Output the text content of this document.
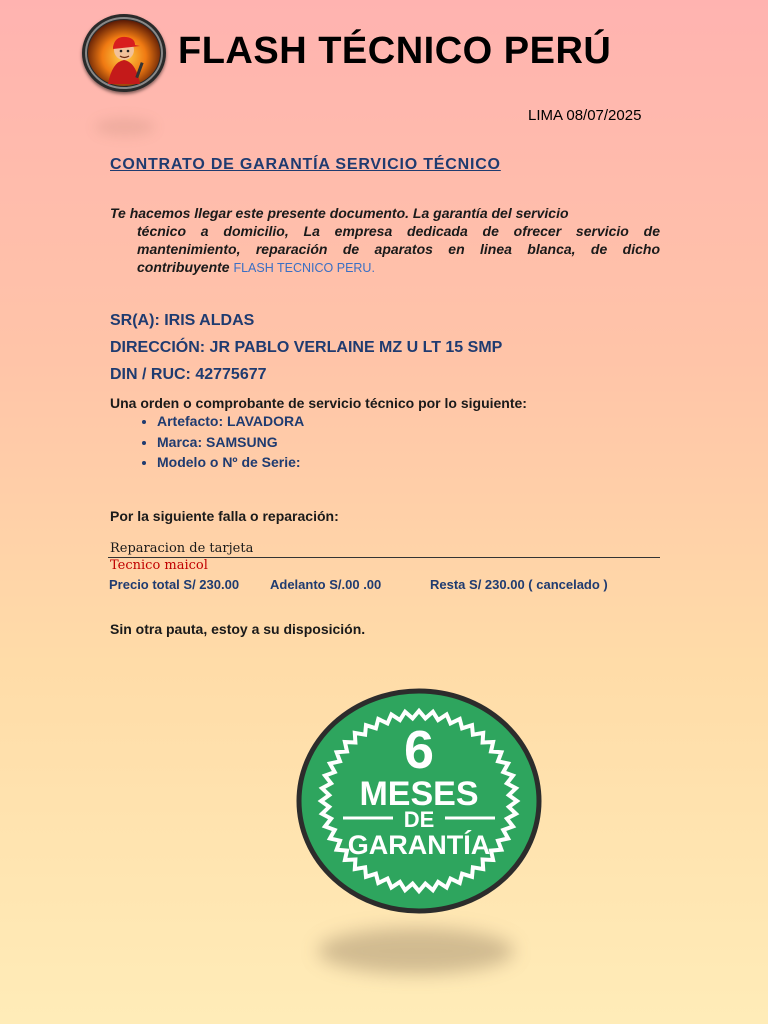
FLASH TÉCNICO PERÚ
LIMA 08/07/2025
CONTRATO DE GARANTÍA SERVICIO TÉCNICO
Te hacemos llegar este presente documento. La garantía del servicio
técnico a domicilio, La empresa dedicada de ofrecer servicio de mantenimiento, reparación de aparatos en linea blanca, de dicho contribuyente FLASH TECNICO PERU.
SR(A): IRIS ALDAS
DIRECCIÓN: JR PABLO VERLAINE MZ U LT 15 SMP
DIN / RUC: 42775677
Una orden o comprobante de servicio técnico por lo siguiente:
• Artefacto: LAVADORA
• Marca: SAMSUNG
• Modelo o Nº de Serie:
Por la siguiente falla o reparación:
Reparacion de tarjeta
Tecnico maicol
Precio total S/ 230.00 Adelanto S/.00 .00	Resta S/ 230.00 ( cancelado )
Sin otra pauta, estoy a su disposición.
6
MESES
DE
GARANTÍA
